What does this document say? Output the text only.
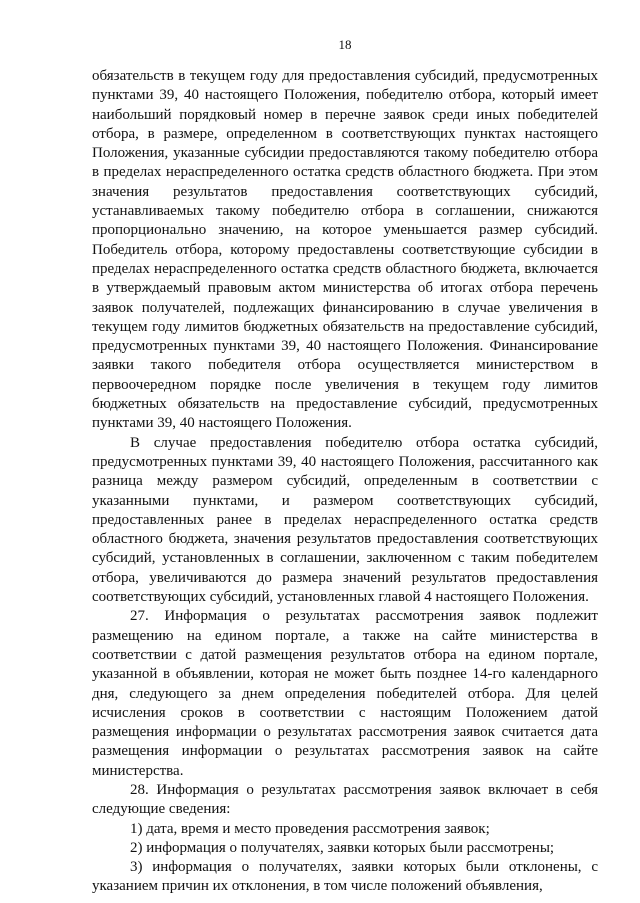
18

обязательств в текущем году для предоставления субсидий, предусмотренных пунктами 39, 40 настоящего Положения, победителю отбора, который имеет наибольший порядковый номер в перечне заявок среди иных победителей отбора, в размере, определенном в соответствующих пунктах настоящего Положения, указанные субсидии предоставляются такому победителю отбора в пределах нераспределенного остатка средств областного бюджета. При этом значения результатов предоставления соответствующих субсидий, устанавливаемых такому победителю отбора в соглашении, снижаются пропорционально значению, на которое уменьшается размер субсидий. Победитель отбора, которому предоставлены соответствующие субсидии в пределах нераспределенного остатка средств областного бюджета, включается в утверждаемый правовым актом министерства об итогах отбора перечень заявок получателей, подлежащих финансированию в случае увеличения в текущем году лимитов бюджетных обязательств на предоставление субсидий, предусмотренных пунктами 39, 40 настоящего Положения. Финансирование заявки такого победителя отбора осуществляется министерством в первоочередном порядке после увеличения в текущем году лимитов бюджетных обязательств на предоставление субсидий, предусмотренных пунктами 39, 40 настоящего Положения.

В случае предоставления победителю отбора остатка субсидий, предусмотренных пунктами 39, 40 настоящего Положения, рассчитанного как разница между размером субсидий, определенным в соответствии с указанными пунктами, и размером соответствующих субсидий, предоставленных ранее в пределах нераспределенного остатка средств областного бюджета, значения результатов предоставления соответствующих субсидий, установленных в соглашении, заключенном с таким победителем отбора, увеличиваются до размера значений результатов предоставления соответствующих субсидий, установленных главой 4 настоящего Положения.

27. Информация о результатах рассмотрения заявок подлежит размещению на едином портале, а также на сайте министерства в соответствии с датой размещения результатов отбора на едином портале, указанной в объявлении, которая не может быть позднее 14-го календарного дня, следующего за днем определения победителей отбора. Для целей исчисления сроков в соответствии с настоящим Положением датой размещения информации о результатах рассмотрения заявок считается дата размещения информации о результатах рассмотрения заявок на сайте министерства.

28. Информация о результатах рассмотрения заявок включает в себя следующие сведения:

1) дата, время и место проведения рассмотрения заявок;

2) информация о получателях, заявки которых были рассмотрены;

3) информация о получателях, заявки которых были отклонены, с указанием причин их отклонения, в том числе положений объявления,
